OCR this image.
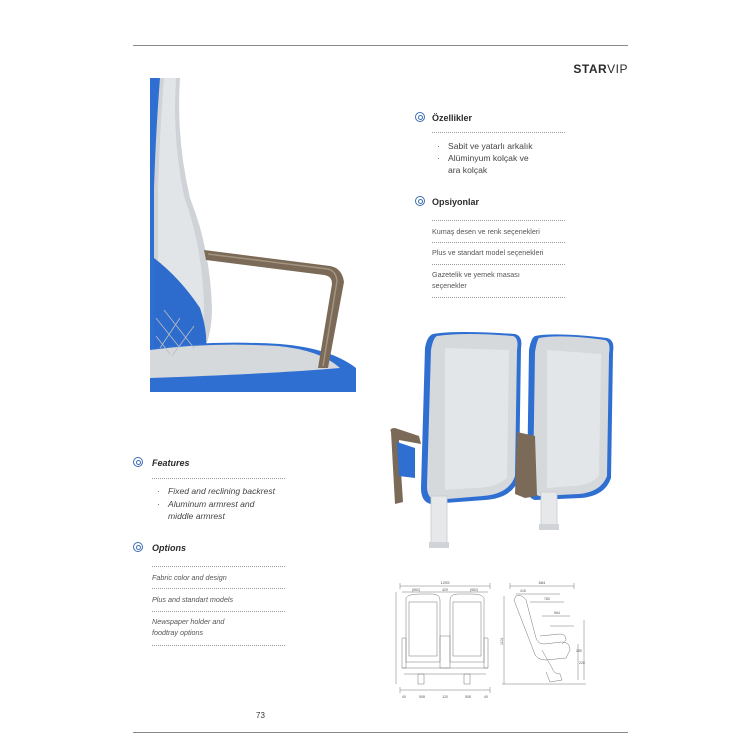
STARVIP
Özellikler
· Sabit ve yatarlı arkalık
· Alüminyum kolçak ve
ara kolçak
Opsiyonlar
Kumaş desen ve renk seçenekleri
Plus ve standart model seçenekleri
Gazetelik ve yemek masası
seçenekler
Features
· Fixed and reclining backrest
· Aluminum armrest and
middle armrest
Options
Fabric color and design
Plus and standart models
Newspaper holder and
foodtray options
1205
(552)	420	(552)
40	508	120	508	40
684
415
783
564
1101
220
280
73
